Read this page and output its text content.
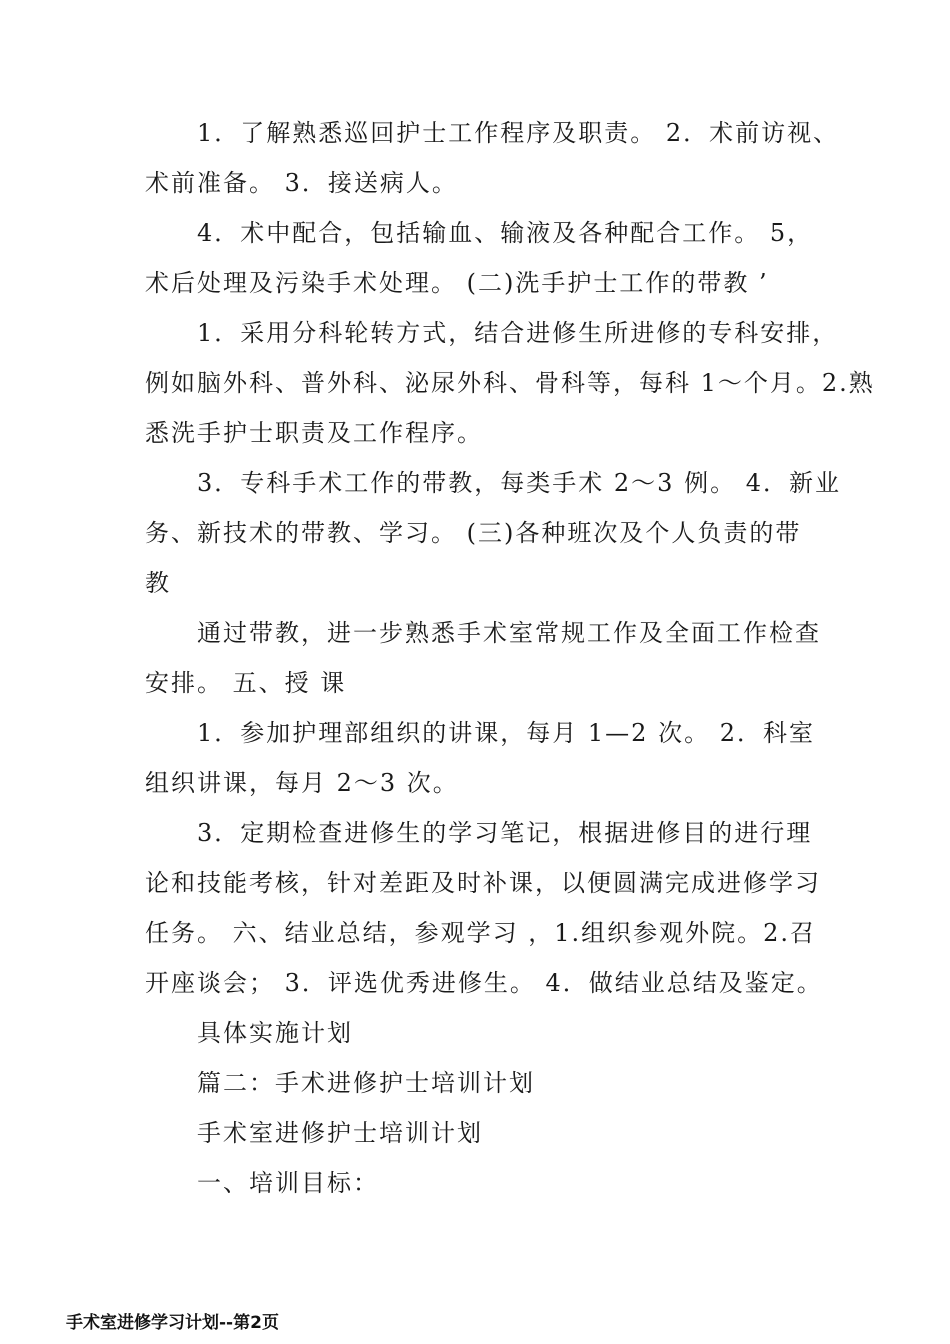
1．了解熟悉巡回护士工作程序及职责。 2．术前访视、
术前准备。 3．接送病人。
4．术中配合，包括输血、输液及各种配合工作。 5，
术后处理及污染手术处理。 (二)洗手护士工作的带教 ’
1．采用分科轮转方式，结合进修生所进修的专科安排，
例如脑外科、普外科、泌尿外科、骨科等，每科 1～个月。2.熟
悉洗手护士职责及工作程序。
3．专科手术工作的带教，每类手术 2～3 例。 4．新业
务、新技术的带教、学习。 (三)各种班次及个人负责的带
教
通过带教，进一步熟悉手术室常规工作及全面工作检查
安排。 五、授 课
1．参加护理部组织的讲课，每月 1—2 次。 2．科室
组织讲课，每月 2～3 次。
3．定期检查进修生的学习笔记，根据进修目的进行理
论和技能考核，针对差距及时补课，以便圆满完成进修学习
任务。 六、结业总结，参观学习 ，1.组织参观外院。2.召
开座谈会； 3．评选优秀进修生。 4．做结业总结及鉴定。
具体实施计划
篇二：手术进修护士培训计划
手术室进修护士培训计划
一、培训目标：
手术室进修学习计划--第2页
